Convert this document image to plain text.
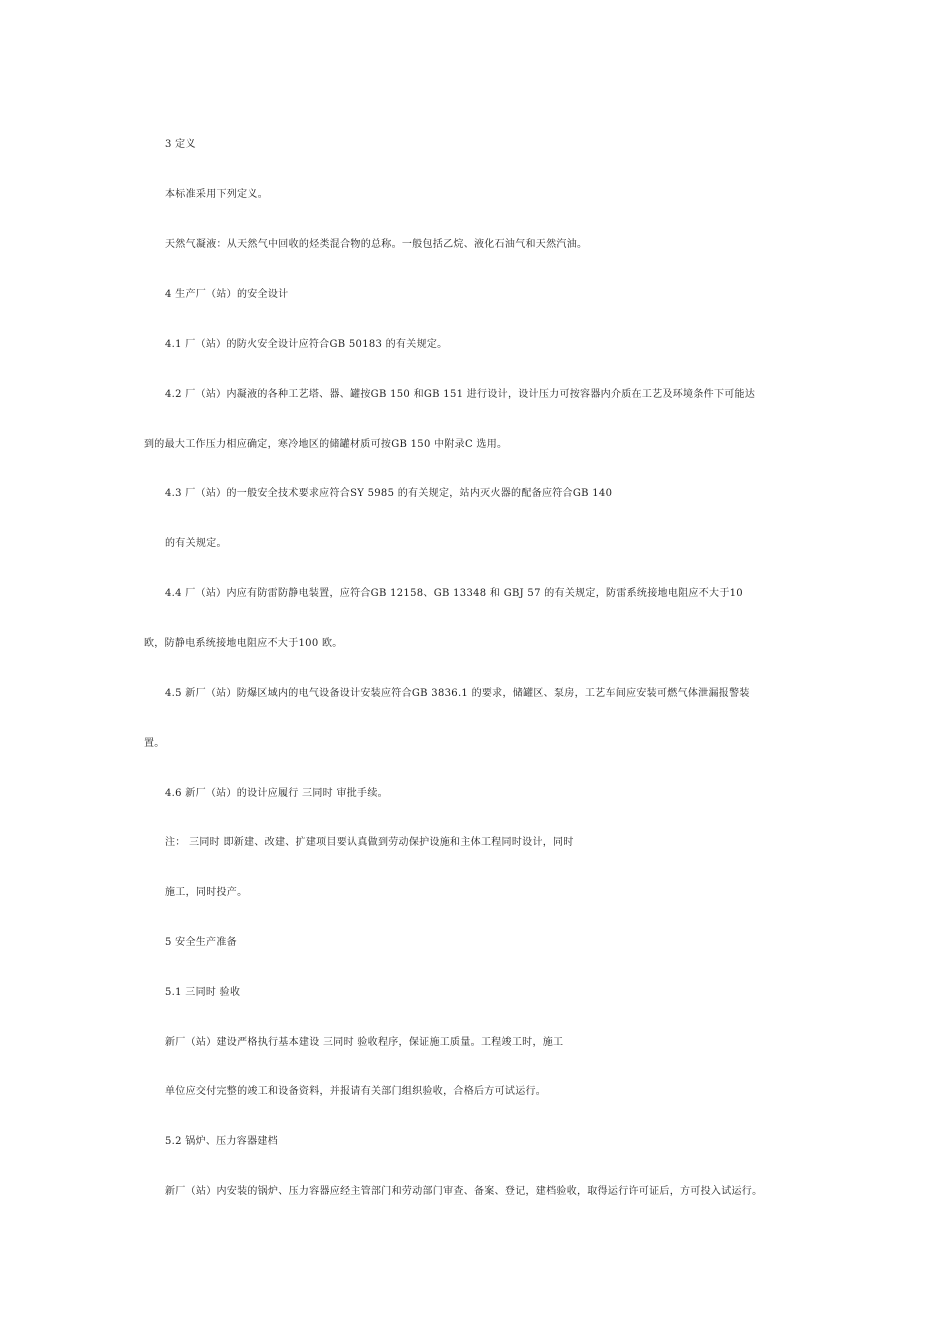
3 定义
本标准采用下列定义。
天然气凝液：从天然气中回收的烃类混合物的总称。一般包括乙烷、液化石油气和天然汽油。
4 生产厂（站）的安全设计
4.1 厂（站）的防火安全设计应符合GB 50183 的有关规定。
4.2 厂（站）内凝液的各种工艺塔、器、罐按GB 150 和GB 151 进行设计，设计压力可按容器内介质在工艺及环境条件下可能达
到的最大工作压力相应确定，寒冷地区的储罐材质可按GB 150 中附录C 选用。
4.3 厂（站）的一般安全技术要求应符合SY 5985 的有关规定，站内灭火器的配备应符合GB 140
的有关规定。
4.4 厂（站）内应有防雷防静电装置，应符合GB 12158、GB 13348 和 GBJ 57 的有关规定，防雷系统接地电阻应不大于10
欧，防静电系统接地电阻应不大于100 欧。
4.5 新厂（站）防爆区域内的电气设备设计安装应符合GB 3836.1 的要求，储罐区、泵房，工艺车间应安装可燃气体泄漏报警装
置。
4.6 新厂（站）的设计应履行 三同时 审批手续。
注： 三同时 即新建、改建、扩建项目要认真做到劳动保护设施和主体工程同时设计，同时
施工，同时投产。
5 安全生产准备
5.1 三同时 验收
新厂（站）建设严格执行基本建设 三同时 验收程序，保证施工质量。工程竣工时，施工
单位应交付完整的竣工和设备资料，并报请有关部门组织验收，合格后方可试运行。
5.2 锅炉、压力容器建档
新厂（站）内安装的锅炉、压力容器应经主管部门和劳动部门审查、备案、登记，建档验收，取得运行许可证后，方可投入试运行。
